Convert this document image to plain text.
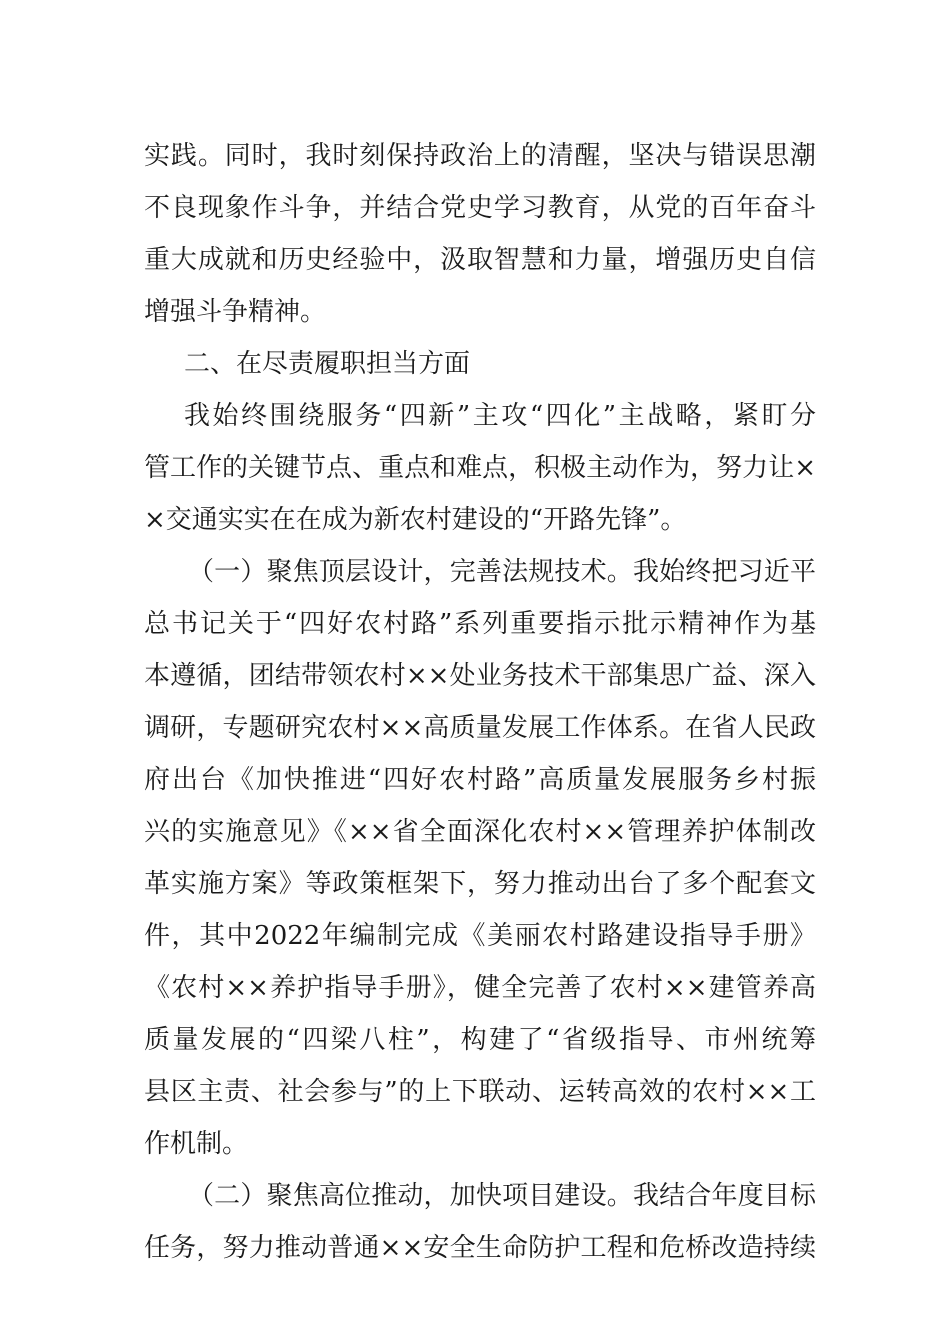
实践。同时，我时刻保持政治上的清醒，坚决与错误思潮
不良现象作斗争，并结合党史学习教育，从党的百年奋斗
重大成就和历史经验中，汲取智慧和力量，增强历史自信
增强斗争精神。
二、在尽责履职担当方面
我始终围绕服务“四新”主攻“四化”主战略，紧盯分
管工作的关键节点、重点和难点，积极主动作为，努力让×
×交通实实在在成为新农村建设的“开路先锋”。
（一）聚焦顶层设计，完善法规技术。我始终把习近平
总书记关于“四好农村路”系列重要指示批示精神作为基
本遵循，团结带领农村××处业务技术干部集思广益、深入
调研，专题研究农村××高质量发展工作体系。在省人民政
府出台《加快推进“四好农村路”高质量发展服务乡村振
兴的实施意见》《××省全面深化农村××管理养护体制改
革实施方案》等政策框架下，努力推动出台了多个配套文
件，其中2022年编制完成《美丽农村路建设指导手册》
《农村××养护指导手册》，健全完善了农村××建管养高
质量发展的“四梁八柱”，构建了“省级指导、市州统筹
县区主责、社会参与”的上下联动、运转高效的农村××工
作机制。
（二）聚焦高位推动，加快项目建设。我结合年度目标
任务，努力推动普通××安全生命防护工程和危桥改造持续
